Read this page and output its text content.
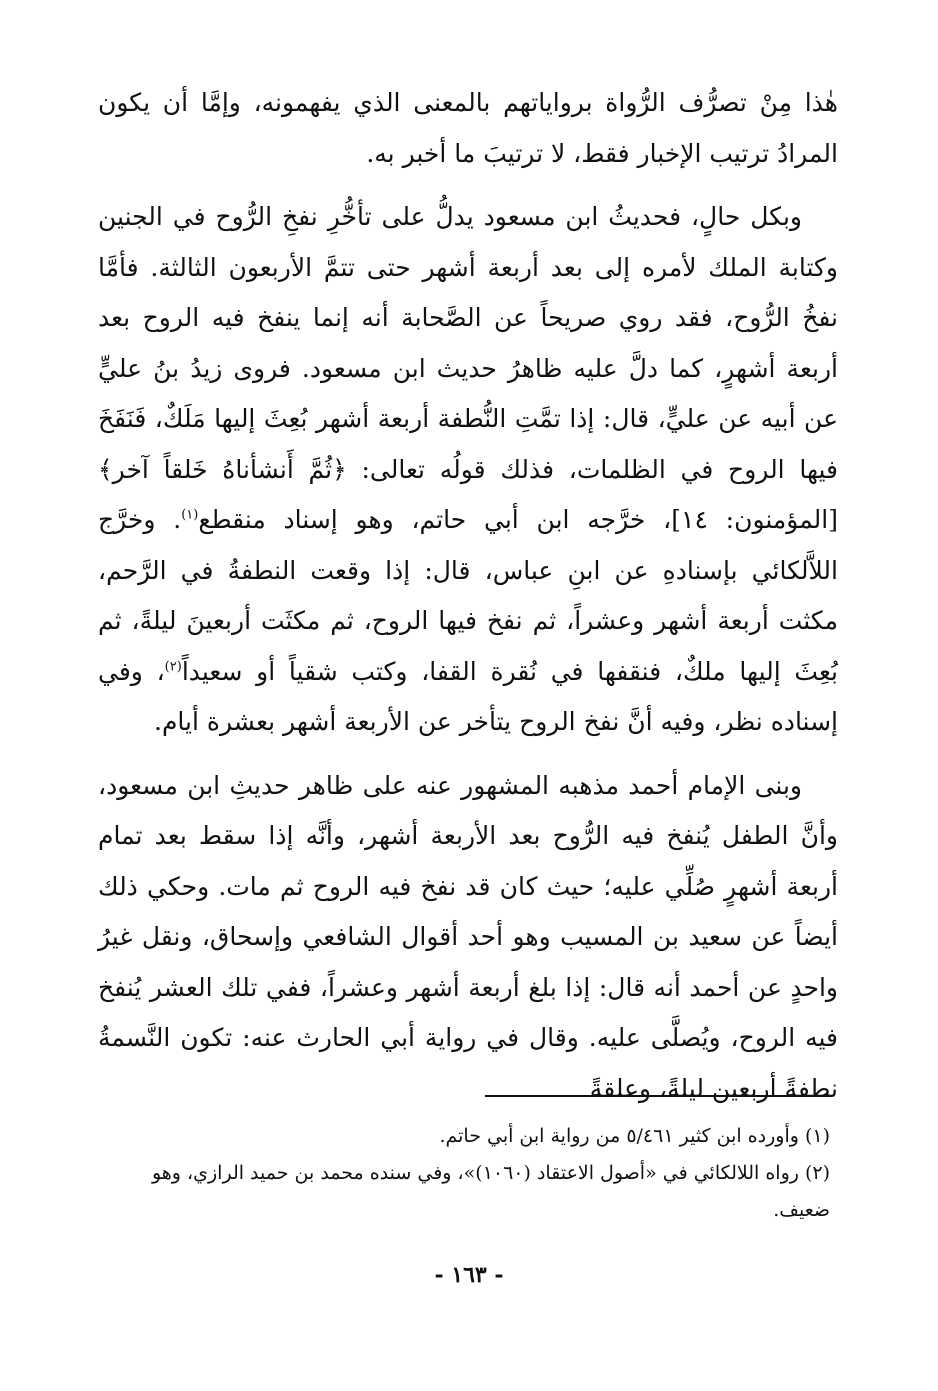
هٰذا مِنْ تصرُّف الرُّواة برواياتهم بالمعنى الذي يفهمونه، وإمَّا أن يكون المرادُ ترتيب الإخبار فقط، لا ترتيبَ ما أخبر به.

وبكل حالٍ، فحديثُ ابن مسعود يدلُّ على تأخُّرِ نفخِ الرُّوح في الجنين وكتابة الملك لأمره إلى بعد أربعة أشهر حتى تتمَّ الأربعون الثالثة. فأمَّا نفخُ الرُّوح، فقد روي صريحاً عن الصَّحابة أنه إنما ينفخ فيه الروح بعد أربعة أشهرٍ، كما دلَّ عليه ظاهرُ حديث ابن مسعود. فروى زيدُ بنُ عليٍّ عن أبيه عن عليٍّ، قال: إذا تمَّتِ النُّطفة أربعة أشهر بُعِثَ إليها مَلَكٌ، فَنَفَخَ فيها الروح في الظلمات، فذلك قولُه تعالى: ﴿ثُمَّ أَنشأناهُ خَلقاً آخر﴾ [المؤمنون: ١٤]، خرَّجه ابن أبي حاتم، وهو إسناد منقطع$^{(١)}$. وخرَّج اللاَّلكائي بإسنادهِ عن ابنِ عباس، قال: إذا وقعت النطفةُ في الرَّحم، مكثت أربعة أشهر وعشراً، ثم نفخ فيها الروح، ثم مكثَت أربعينَ ليلةً، ثم بُعِثَ إليها ملكٌ، فنقفها في نُقرة القفا، وكتب شقياً أو سعيداً$^{(٢)}$، وفي إسناده نظر، وفيه أنَّ نفخ الروح يتأخر عن الأربعة أشهر بعشرة أيام.

وبنى الإمام أحمد مذهبه المشهور عنه على ظاهر حديثِ ابن مسعود، وأنَّ الطفل يُنفخ فيه الرُّوح بعد الأربعة أشهر، وأنَّه إذا سقط بعد تمام أربعة أشهرٍ صُلِّي عليه؛ حيث كان قد نفخ فيه الروح ثم مات. وحكي ذلك أيضاً عن سعيد بن المسيب وهو أحد أقوال الشافعي وإسحاق، ونقل غيرُ واحدٍ عن أحمد أنه قال: إذا بلغ أربعة أشهر وعشراً، ففي تلك العشر يُنفخ فيه الروح، ويُصلَّى عليه. وقال في رواية أبي الحارث عنه: تكون النَّسمةُ نطفةً أربعين ليلةً، وعلقةً

(١)وأورده ابن كثير ٥/٤٦١ من رواية ابن أبي حاتم.

(٢)رواه اللالكائي في «أصول الاعتقاد (١٠٦٠)»، وفي سنده محمد بن حميد الرازي، وهو ضعيف.

- ١٦٣ -
